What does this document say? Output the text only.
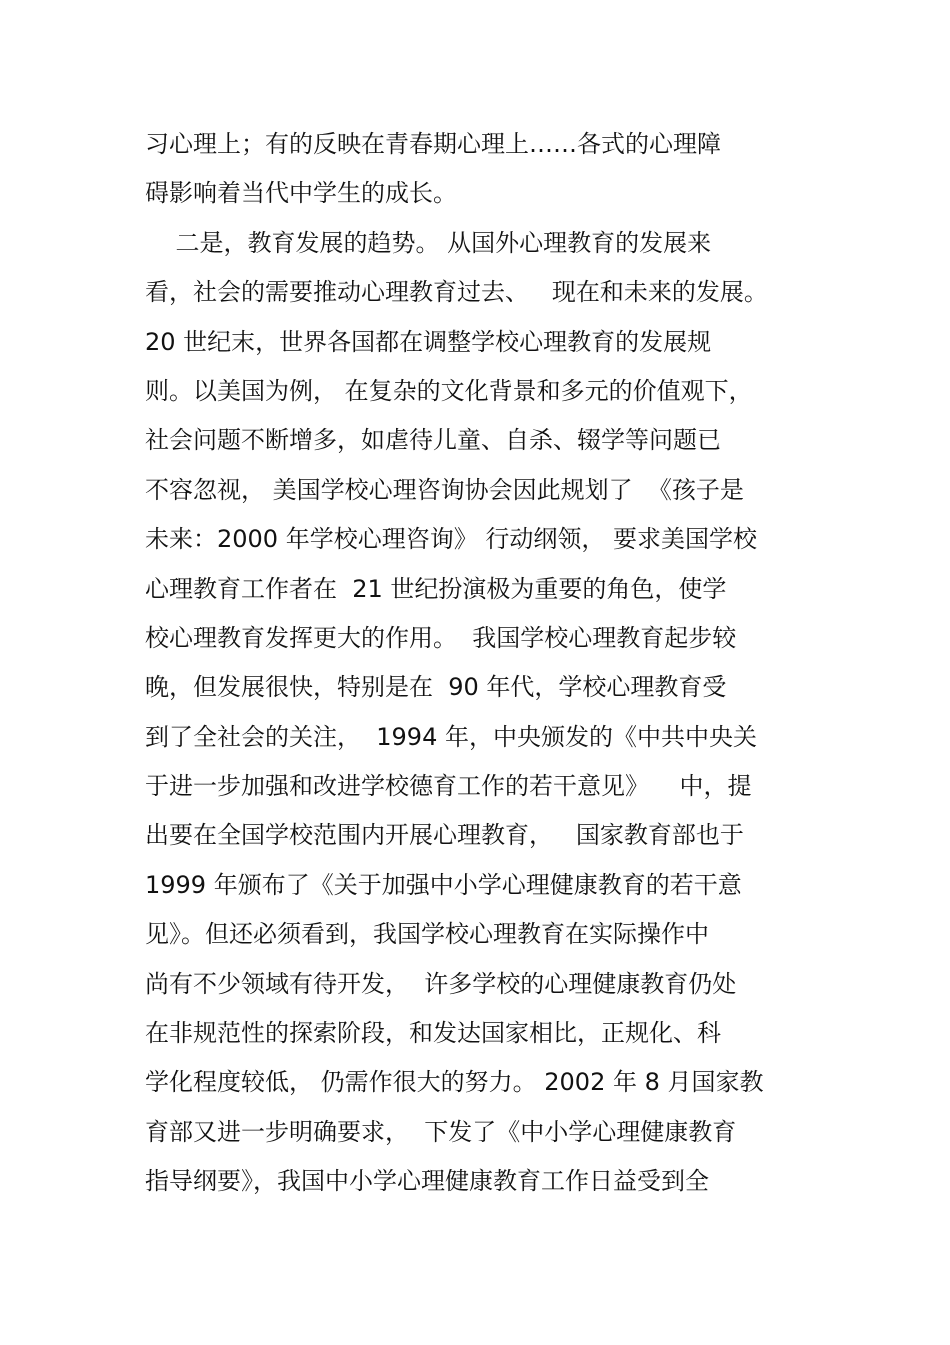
习心理上；有的反映在青春期心理上……各式的心理障
碍影响着当代中学生的成长。
二是，教育发展的趋势。 从国外心理教育的发展来
看，社会的需要推动心理教育过去、   现在和未来的发展。
20 世纪末，世界各国都在调整学校心理教育的发展规
则。以美国为例， 在复杂的文化背景和多元的价值观下，
社会问题不断增多，如虐待儿童、自杀、辍学等问题已
不容忽视， 美国学校心理咨询协会因此规划了  《孩子是
未来：2000 年学校心理咨询》 行动纲领， 要求美国学校
心理教育工作者在  21 世纪扮演极为重要的角色，使学
校心理教育发挥更大的作用。  我国学校心理教育起步较
晚，但发展很快，特别是在  90 年代，学校心理教育受
到了全社会的关注，  1994 年，中央颁发的《中共中央关
于进一步加强和改进学校德育工作的若干意见》    中，提
出要在全国学校范围内开展心理教育，   国家教育部也于
1999 年颁布了《关于加强中小学心理健康教育的若干意
见》。但还必须看到，我国学校心理教育在实际操作中
尚有不少领域有待开发，  许多学校的心理健康教育仍处
在非规范性的探索阶段，和发达国家相比，正规化、科
学化程度较低， 仍需作很大的努力。 2002 年 8 月国家教
育部又进一步明确要求，  下发了《中小学心理健康教育
指导纲要》，我国中小学心理健康教育工作日益受到全
